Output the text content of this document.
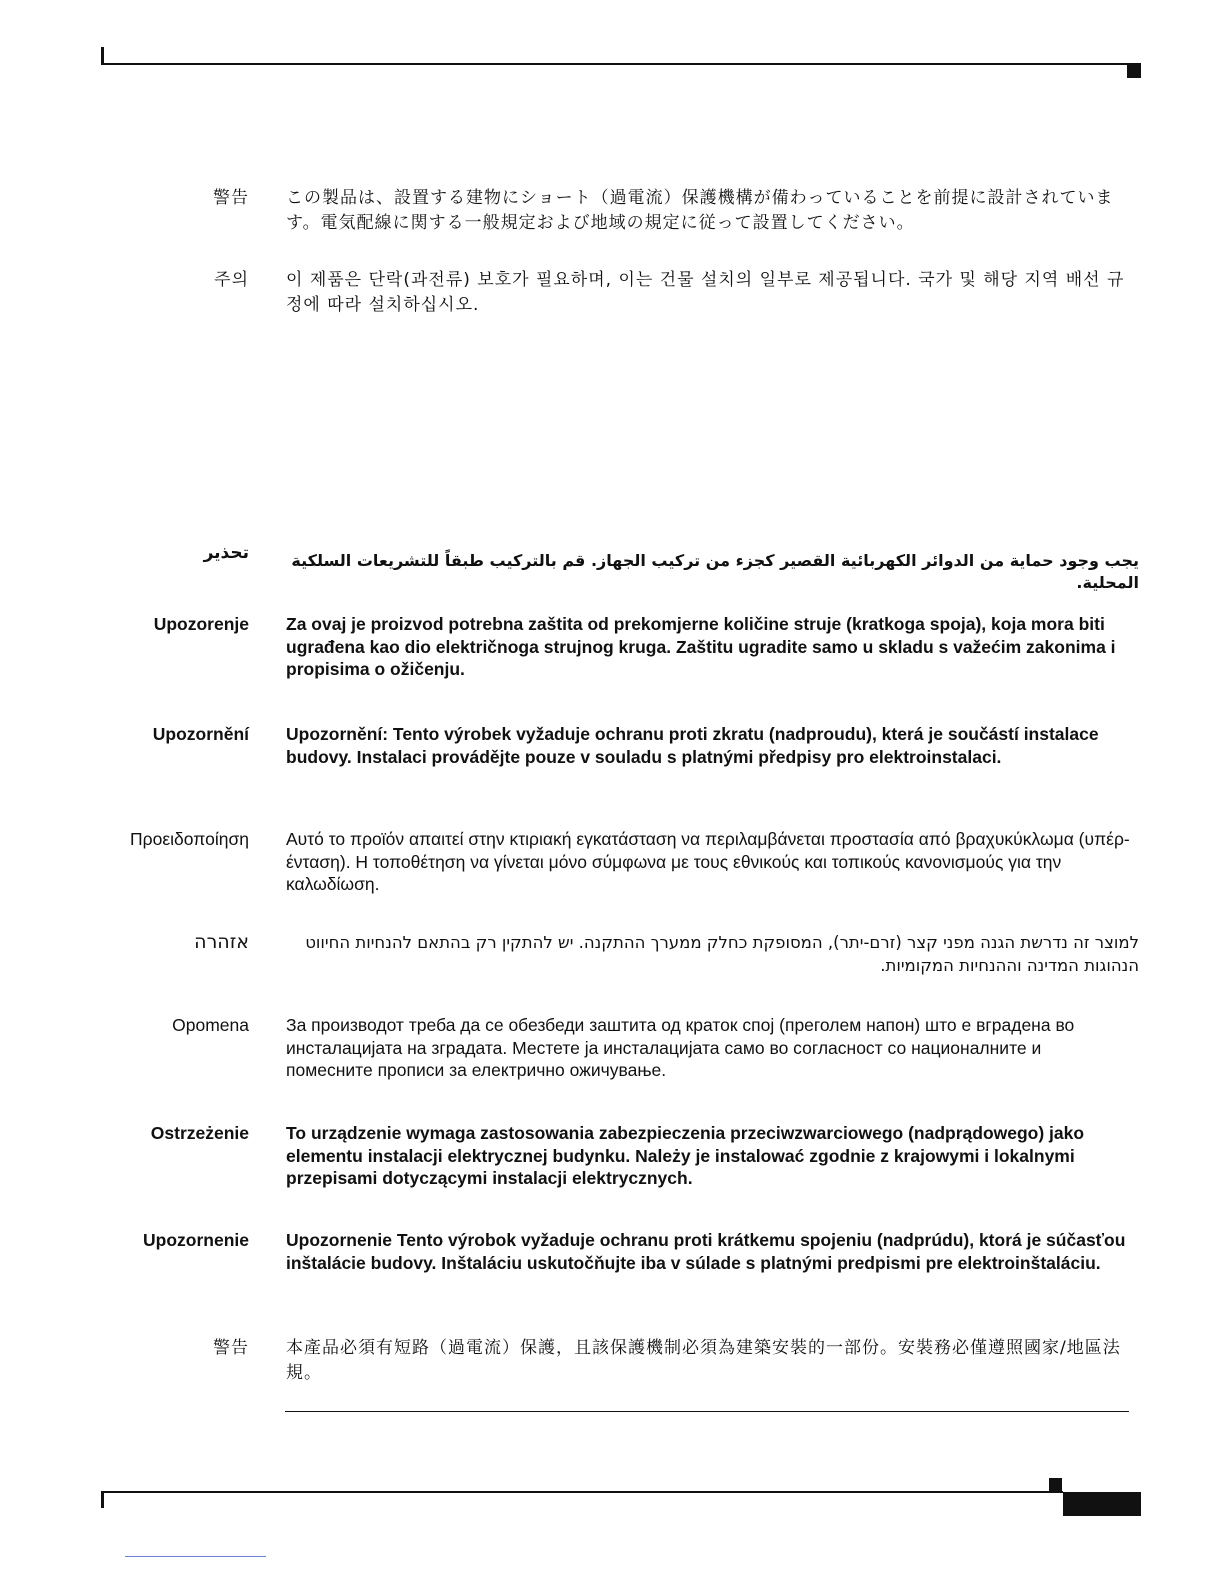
警告 この製品は、設置する建物にショート（過電流）保護機構が備わっていることを前提に設計されています。電気配線に関する一般規定および地域の規定に従って設置してください。
주의 이 제품은 단락(과전류) 보호가 필요하며, 이는 건물 설치의 일부로 제공됩니다. 국가 및 해당 지역 배선 규정에 따라 설치하십시오.
تحذير	يجب وجود حماية من الدوائر الكهربائية القصير كجزء من تركيب الجهاز. قم بالتركيب طبقاً للتشريعات السلكية المحلية.
Upozorenje Za ovaj je proizvod potrebna zaštita od prekomjerne količine struje (kratkoga spoja), koja mora biti ugrađena kao dio električnoga strujnog kruga. Zaštitu ugradite samo u skladu s važećim zakonima i propisima o ožičenju.
Upozornění Upozornění: Tento výrobek vyžaduje ochranu proti zkratu (nadproudu), která je součástí instalace budovy. Instalaci provádějte pouze v souladu s platnými předpisy pro elektroinstalaci.
Προειδοποίηση Αυτό το προϊόν απαιτεί στην κτιριακή εγκατάσταση να περιλαμβάνεται προστασία από βραχυκύκλωμα (υπέρ-ένταση). Η τοποθέτηση να γίνεται μόνο σύμφωνα με τους εθνικούς και τοπικούς κανονισμούς για την καλωδίωση.
אזהרה	למוצר זה נדרשת הגנה מפני קצר (זרם-יתר), המסופקת כחלק ממערך ההתקנה. יש להתקין רק בהתאם להנחיות החיווט הנהוגות המדינה וההנחיות המקומיות.
Opomena За производот треба да се обезбеди заштита од краток спој (преголем напон) што е вградена во инсталацијата на зградата. Местете ја инсталацијата само во согласност со националните и помесните прописи за електрично ожичување.
Ostrzeżenie To urządzenie wymaga zastosowania zabezpieczenia przeciwzwarciowego (nadprądowego) jako elementu instalacji elektrycznej budynku. Należy je instalować zgodnie z krajowymi i lokalnymi przepisami dotyczącymi instalacji elektrycznych.
Upozornenie Upozornenie Tento výrobok vyžaduje ochranu proti krátkemu spojeniu (nadprúdu), ktorá je súčasťou inštalácie budovy. Inštaláciu uskutočňujte iba v súlade s platnými predpismi pre elektroinštaláciu.
警告 本產品必須有短路（過電流）保護，且該保護機制必須為建築安裝的一部份。安裝務必僅遵照國家/地區法規。
